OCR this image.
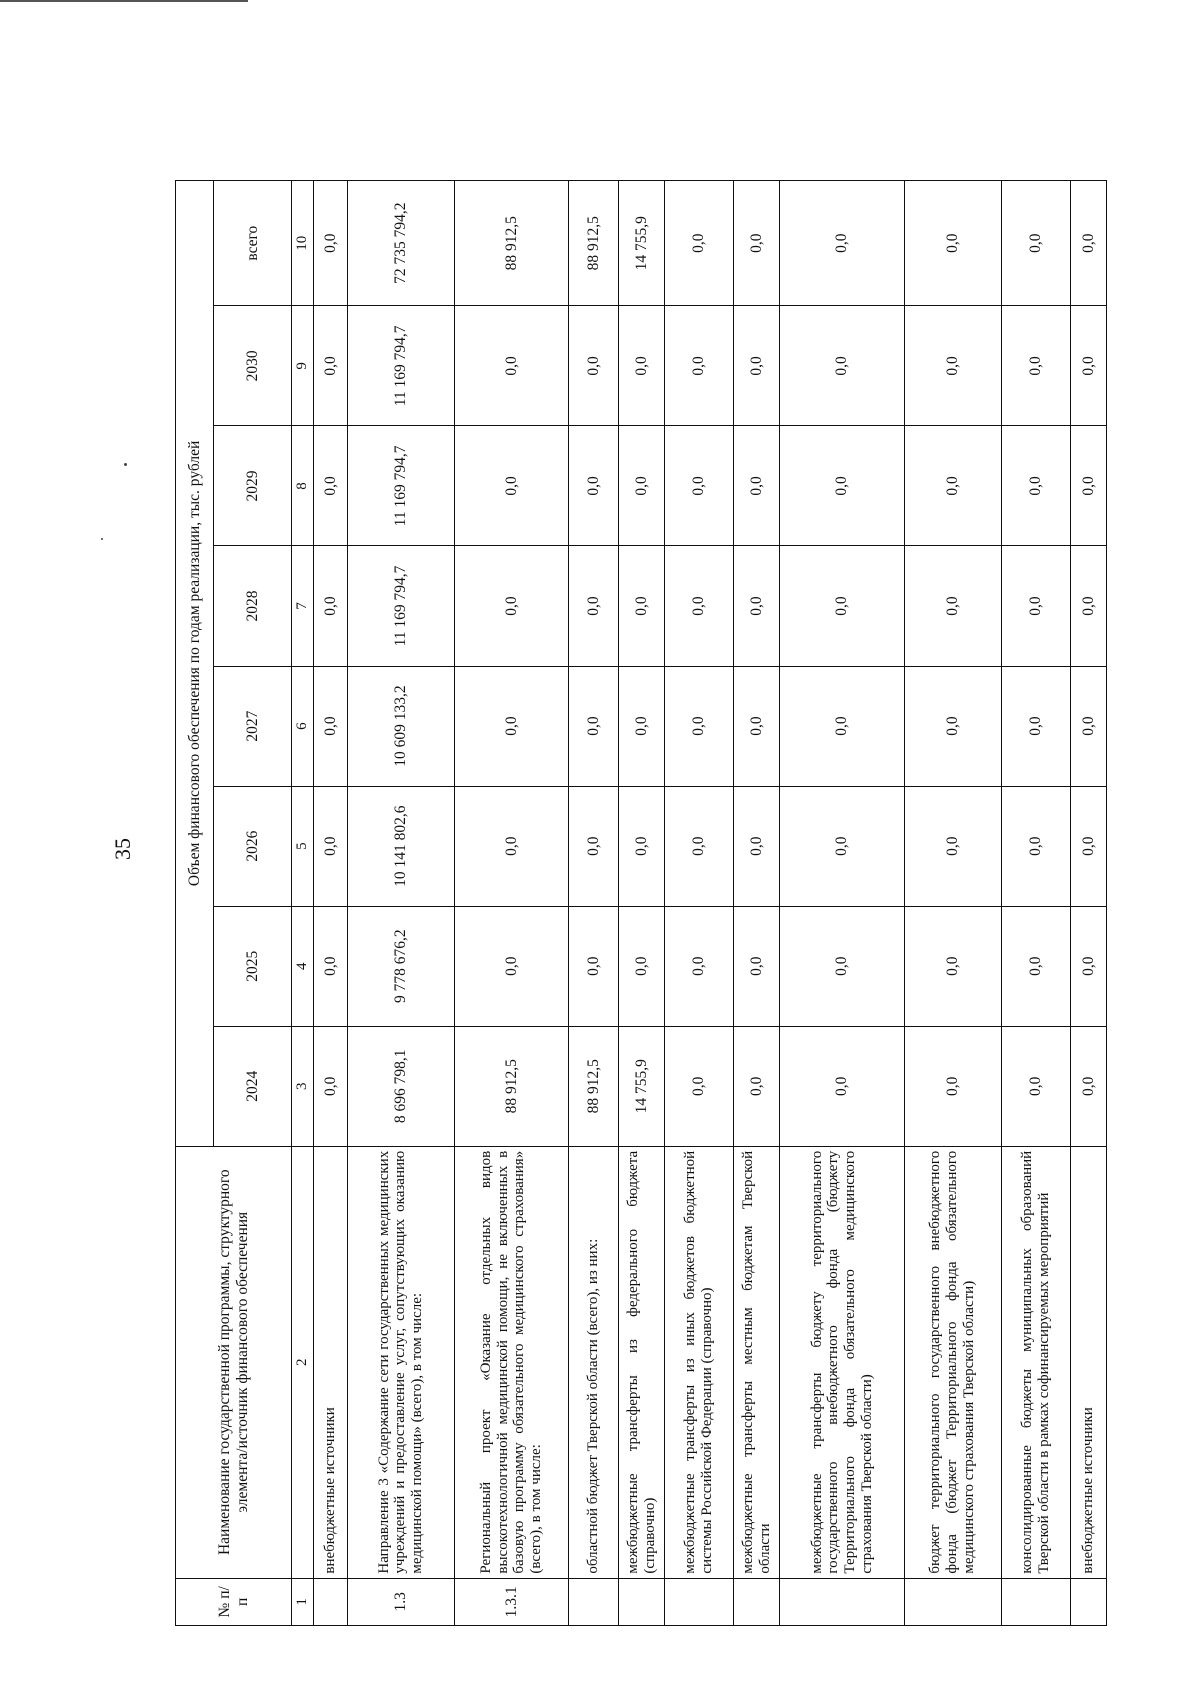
35
№ п/п	Наименование государственной программы, структурного элемента/источник финансового обеспечения	Объем финансового обеспечения по годам реализации, тыс. рублей							
		2024	2025	2026	2027	2028	2029	2030	всего
1	2	3	4	5	6	7	8	9	10
	внебюджетные источники	0,0	0,0	0,0	0,0	0,0	0,0	0,0	0,0
1.3	Направление 3 «Содержание сети государственных медицинских учреждений и предоставление услуг, сопутствующих оказанию медицинской помощи» (всего), в том числе:	8 696 798,1	9 778 676,2	10 141 802,6	10 609 133,2	11 169 794,7	11 169 794,7	11 169 794,7	72 735 794,2
1.3.1	Региональный проект «Оказание отдельных видов высокотехнологичной медицинской помощи, не включенных в базовую программу обязательного медицинского страхования» (всего), в том числе:	88 912,5	0,0	0,0	0,0	0,0	0,0	0,0	88 912,5
	областной бюджет Тверской области (всего), из них:	88 912,5	0,0	0,0	0,0	0,0	0,0	0,0	88 912,5
	межбюджетные трансферты из федерального бюджета (справочно)	14 755,9	0,0	0,0	0,0	0,0	0,0	0,0	14 755,9
	межбюджетные трансферты из иных бюджетов бюджетной системы Российской Федерации (справочно)	0,0	0,0	0,0	0,0	0,0	0,0	0,0	0,0
	межбюджетные трансферты местным бюджетам Тверской области	0,0	0,0	0,0	0,0	0,0	0,0	0,0	0,0
	межбюджетные трансферты бюджету территориального государственного внебюджетного фонда (бюджету Территориального фонда обязательного медицинского страхования Тверской области)	0,0	0,0	0,0	0,0	0,0	0,0	0,0	0,0
	бюджет территориального государственного внебюджетного фонда (бюджет Территориального фонда обязательного медицинского страхования Тверской области)	0,0	0,0	0,0	0,0	0,0	0,0	0,0	0,0
	консолидированные бюджеты муниципальных образований Тверской области в рамках софинансируемых мероприятий	0,0	0,0	0,0	0,0	0,0	0,0	0,0	0,0
	внебюджетные источники	0,0	0,0	0,0	0,0	0,0	0,0	0,0	0,0
